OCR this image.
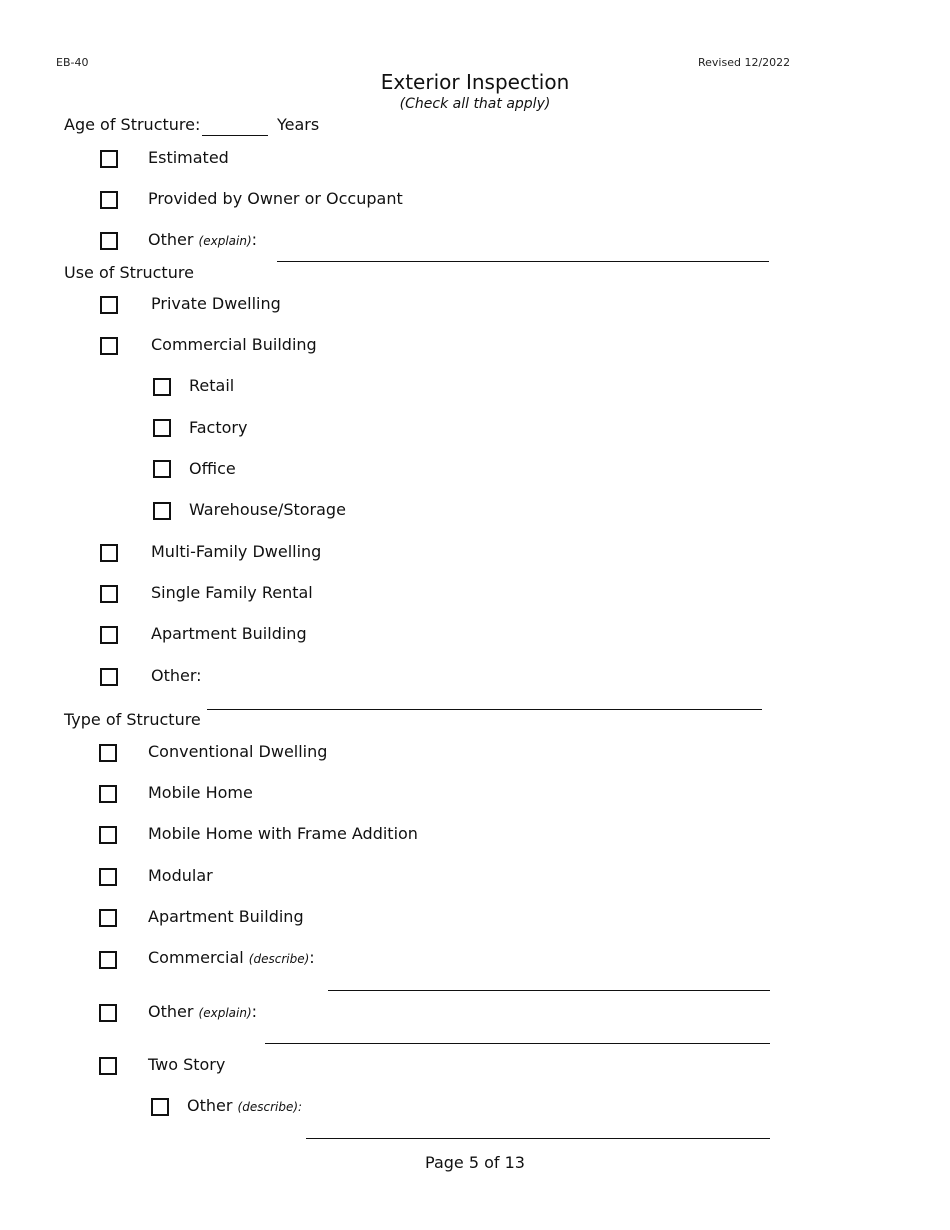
EB-40	Revised 12/2022
Exterior Inspection
(Check all that apply)
Age of Structure:	Years
Estimated
Provided by Owner or Occupant
Other (explain):
Use of Structure
Private Dwelling
Commercial Building
Retail
Factory
Office
Warehouse/Storage
Multi-Family Dwelling
Single Family Rental
Apartment Building
Other:
Type of Structure
Conventional Dwelling
Mobile Home
Mobile Home with Frame Addition
Modular
Apartment Building
Commercial (describe):
Other (explain):
Two Story
Other (describe):
Page 5 of 13
